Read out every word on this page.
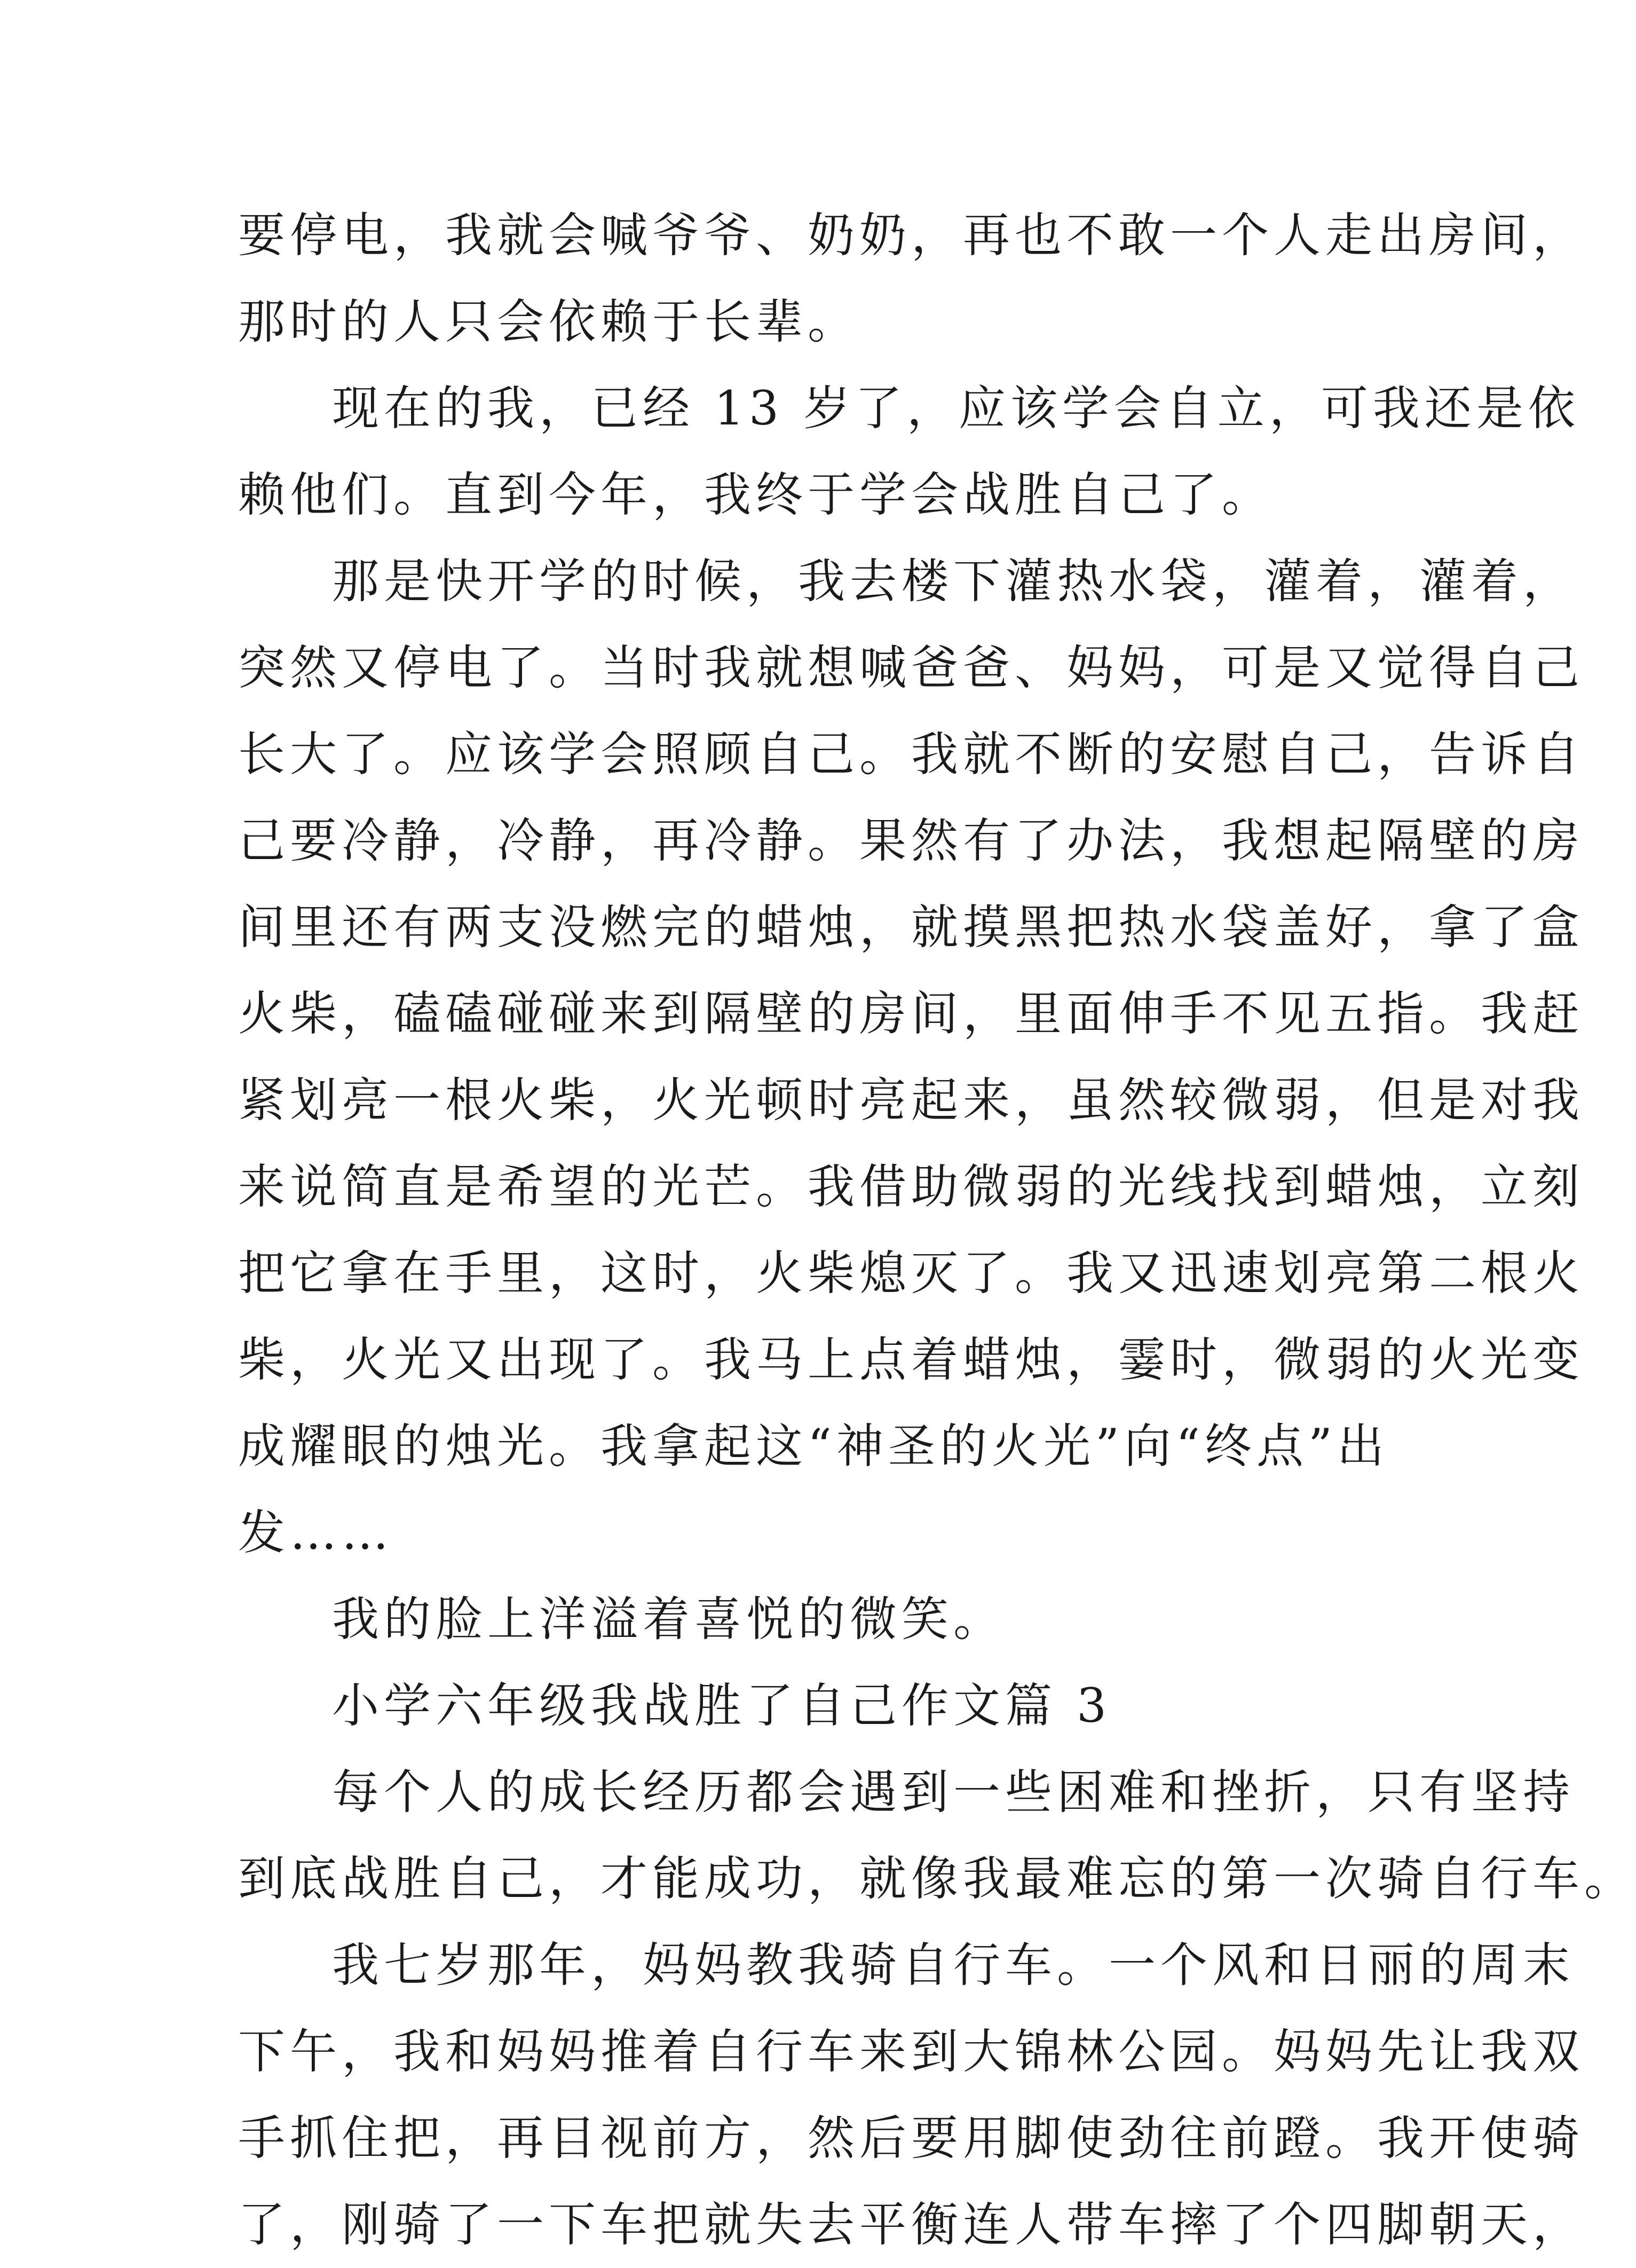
要停电，我就会喊爷爷、奶奶，再也不敢一个人走出房间，
那时的人只会依赖于长辈。
现在的我，已经 13 岁了，应该学会自立，可我还是依
赖他们。直到今年，我终于学会战胜自己了。
那是快开学的时候，我去楼下灌热水袋，灌着，灌着，
突然又停电了。当时我就想喊爸爸、妈妈，可是又觉得自己
长大了。应该学会照顾自己。我就不断的安慰自己，告诉自
己要冷静，冷静，再冷静。果然有了办法，我想起隔壁的房
间里还有两支没燃完的蜡烛，就摸黑把热水袋盖好，拿了盒
火柴，磕磕碰碰来到隔壁的房间，里面伸手不见五指。我赶
紧划亮一根火柴，火光顿时亮起来，虽然较微弱，但是对我
来说简直是希望的光芒。我借助微弱的光线找到蜡烛，立刻
把它拿在手里，这时，火柴熄灭了。我又迅速划亮第二根火
柴，火光又出现了。我马上点着蜡烛，霎时，微弱的火光变
成耀眼的烛光。我拿起这“神圣的火光”向“终点”出
发……
我的脸上洋溢着喜悦的微笑。
小学六年级我战胜了自己作文篇 3
每个人的成长经历都会遇到一些困难和挫折，只有坚持
到底战胜自己，才能成功，就像我最难忘的第一次骑自行车。
我七岁那年，妈妈教我骑自行车。一个风和日丽的周末
下午，我和妈妈推着自行车来到大锦林公园。妈妈先让我双
手抓住把，再目视前方，然后要用脚使劲往前蹬。我开使骑
了，刚骑了一下车把就失去平衡连人带车摔了个四脚朝天，
